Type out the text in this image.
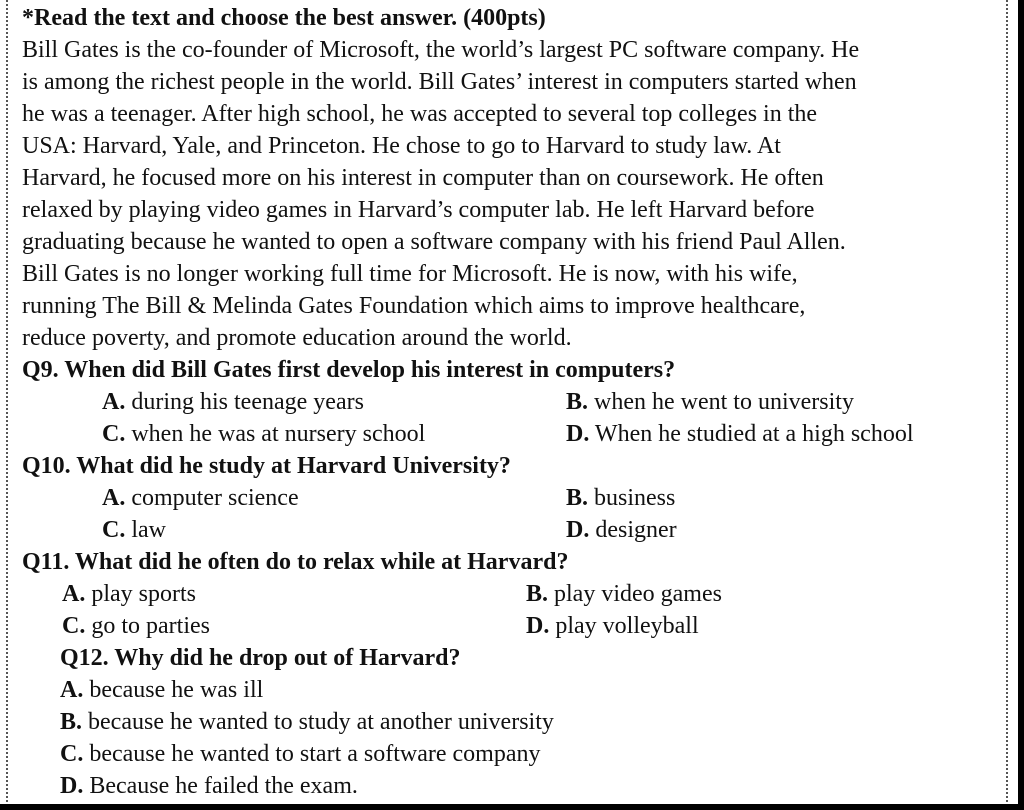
*Read the text and choose the best answer. (400pts)
Bill Gates is the co-founder of Microsoft, the world’s largest PC software company. He
is among the richest people in the world. Bill Gates’ interest in computers started when
he was a teenager. After high school, he was accepted to several top colleges in the
USA: Harvard, Yale, and Princeton. He chose to go to Harvard to study law. At
Harvard, he focused more on his interest in computer than on coursework. He often
relaxed by playing video games in Harvard’s computer lab. He left Harvard before
graduating because he wanted to open a software company with his friend Paul Allen.
Bill Gates is no longer working full time for Microsoft. He is now, with his wife,
running The Bill & Melinda Gates Foundation which aims to improve healthcare,
reduce poverty, and promote education around the world.
Q9. When did Bill Gates first develop his interest in computers?
A. during his teenage years	B. when he went to university
C. when he was at nursery school	D. When he studied at a high school
Q10. What did he study at Harvard University?
A. computer science	B. business
C. law	D. designer
Q11. What did he often do to relax while at Harvard?
A. play sports	B. play video games
C. go to parties	D. play volleyball
Q12. Why did he drop out of Harvard?
A. because he was ill
B. because he wanted to study at another university
C. because he wanted to start a software company
D. Because he failed the exam.
